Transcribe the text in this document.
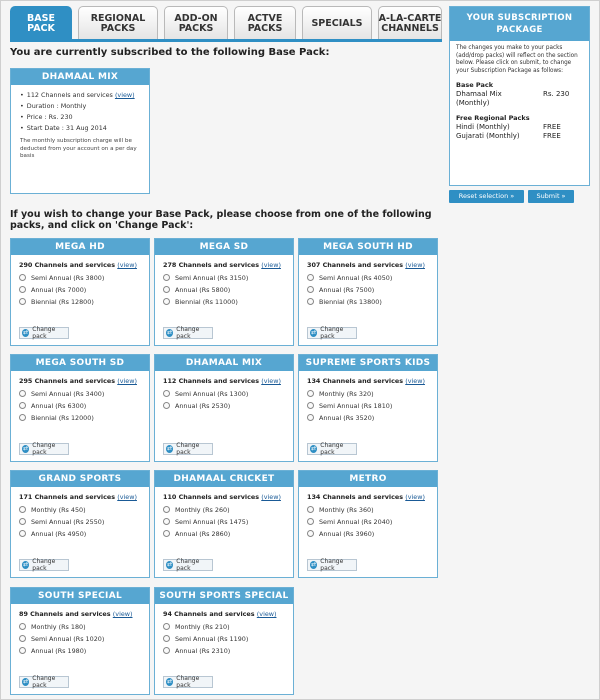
BASE
PACK
REGIONAL
PACKS
ADD-ON
PACKS
ACTVE
PACKS	SPECIALS A-LA-CARTE
CHANNELS
You are currently subscribed to the following Base Pack:
DHAMAAL MIX
• 112 Channels and services (view)
• Duration : Monthly
• Price : Rs. 230
• Start Date : 31 Aug 2014
The monthly subscription charge will be deducted from your account on a per day basis
If you wish to change your Base Pack, please choose from one of the following packs, and click on 'Change Pack':
MEGA HD
290 Channels and services (view)
Semi Annual (Rs 3800)
Annual (Rs 7000)
Biennial (Rs 12800)
⇄ Change pack
MEGA SD
278 Channels and services (view)
Semi Annual (Rs 3150)
Annual (Rs 5800)
Biennial (Rs 11000)
⇄ Change pack
MEGA SOUTH HD
307 Channels and services (view)
Semi Annual (Rs 4050)
Annual (Rs 7500)
Biennial (Rs 13800)
⇄ Change pack
MEGA SOUTH SD
295 Channels and services (view)
Semi Annual (Rs 3400)
Annual (Rs 6300)
Biennial (Rs 12000)
⇄ Change pack
DHAMAAL MIX
112 Channels and services (view)
Semi Annual (Rs 1300)
Annual (Rs 2530)
⇄ Change pack
SUPREME SPORTS KIDS
134 Channels and services (view)
Monthly (Rs 320)
Semi Annual (Rs 1810)
Annual (Rs 3520)
⇄ Change pack
GRAND SPORTS
171 Channels and services (view)
Monthly (Rs 450)
Semi Annual (Rs 2550)
Annual (Rs 4950)
⇄ Change pack
DHAMAAL CRICKET
110 Channels and services (view)
Monthly (Rs 260)
Semi Annual (Rs 1475)
Annual (Rs 2860)
⇄ Change pack
METRO
134 Channels and services (view)
Monthly (Rs 360)
Semi Annual (Rs 2040)
Annual (Rs 3960)
⇄ Change pack
SOUTH SPECIAL
89 Channels and services (view)
Monthly (Rs 180)
Semi Annual (Rs 1020)
Annual (Rs 1980)
⇄ Change pack
SOUTH SPORTS SPECIAL
94 Channels and services (view)
Monthly (Rs 210)
Semi Annual (Rs 1190)
Annual (Rs 2310)
⇄ Change pack
YOUR SUBSCRIPTION PACKAGE
The changes you make to your packs (add/drop packs) will reflect on the section below. Please click on submit, to change your Subscription Package as follows:
Base Pack
Dhamaal Mix (Monthly)
Rs. 230
Free Regional Packs
Hindi (Monthly)	FREE
Gujarati (Monthly)	FREE
Reset selection »	Submit »
